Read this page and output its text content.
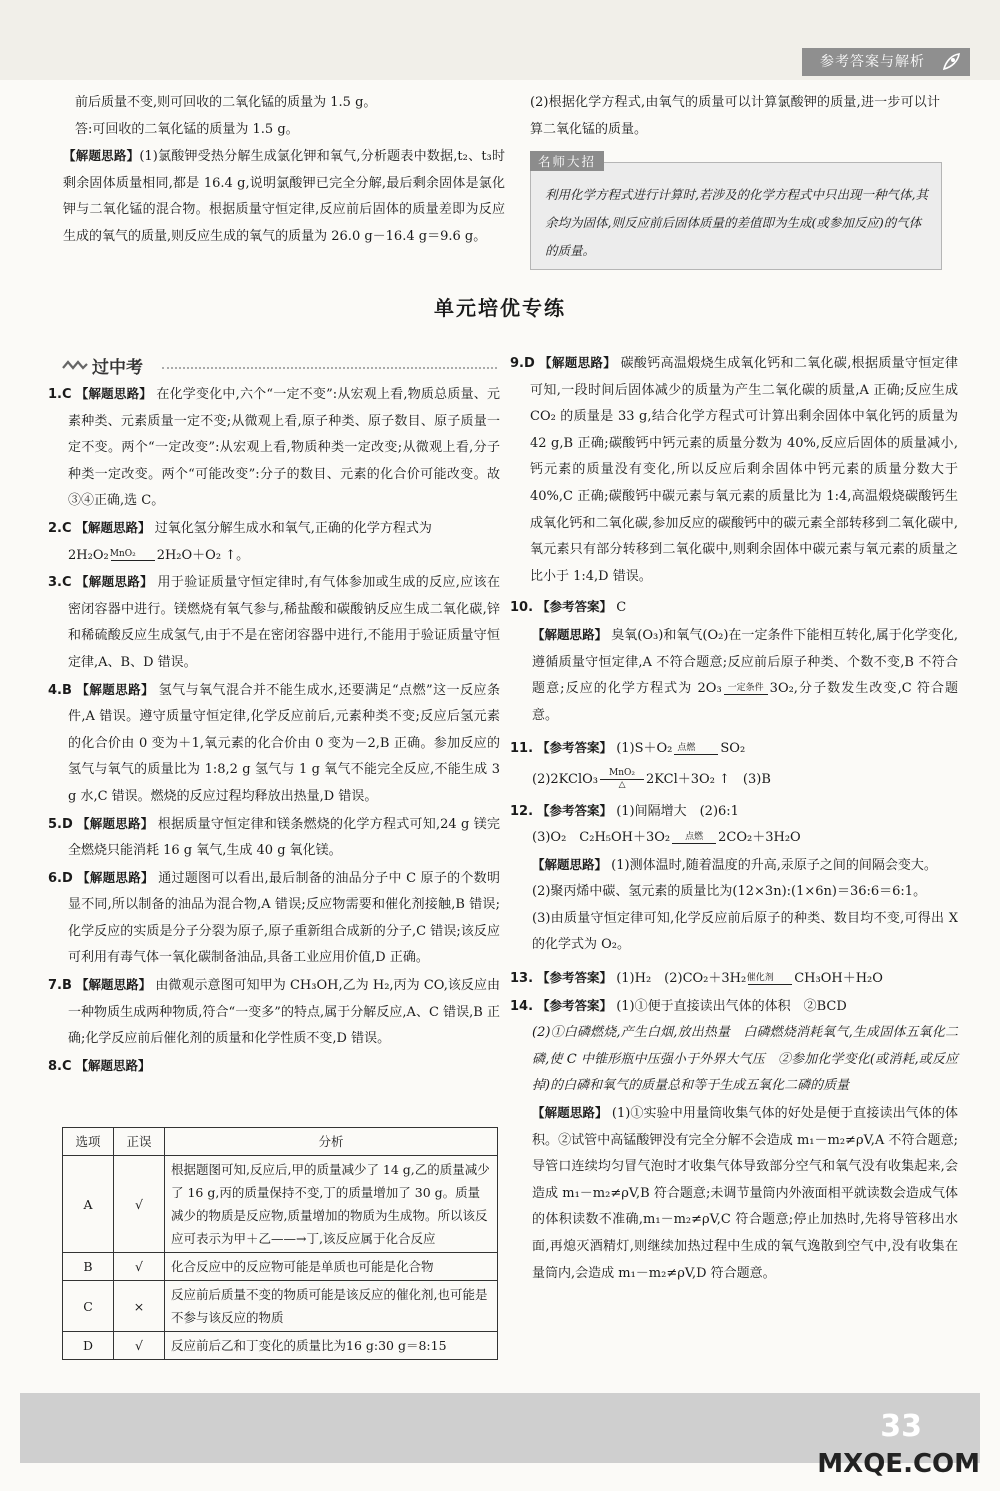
参考答案与解析

前后质量不变,则可回收的二氧化锰的质量为 1.5 g。

答:可回收的二氧化锰的质量为 1.5 g。

【解题思路】(1)氯酸钾受热分解生成氯化钾和氧气,分析题表中数据,t₂、t₃时剩余固体质量相同,都是 16.4 g,说明氯酸钾已完全分解,最后剩余固体是氯化钾与二氧化锰的混合物。根据质量守恒定律,反应前后固体的质量差即为反应生成的氧气的质量,则反应生成的氧气的质量为 26.0 g－16.4 g＝9.6 g。

(2)根据化学方程式,由氧气的质量可以计算氯酸钾的质量,进一步可以计算二氧化锰的质量。

名师大招

利用化学方程式进行计算时,若涉及的化学方程式中只出现一种气体,其余均为固体,则反应前后固体质量的差值即为生成(或参加反应)的气体的质量。

单元培优专练
过中考

1.C 【解题思路】 在化学变化中,六个“一定不变”:从宏观上看,物质总质量、元素种类、元素质量一定不变;从微观上看,原子种类、原子数目、原子质量一定不变。两个“一定改变”:从宏观上看,物质种类一定改变;从微观上看,分子种类一定改变。两个“可能改变”:分子的数目、元素的化合价可能改变。故③④正确,选 C。

2.C 【解题思路】 过氧化氢分解生成水和氧气,正确的化学方程式为
2H₂O₂ MnO₂	2H₂O＋O₂ ↑。

3.C 【解题思路】 用于验证质量守恒定律时,有气体参加或生成的反应,应该在密闭容器中进行。镁燃烧有氧气参与,稀盐酸和碳酸钠反应生成二氧化碳,锌和稀硫酸反应生成氢气,由于不是在密闭容器中进行,不能用于验证质量守恒定律,A、B、D 错误。

4.B 【解题思路】 氢气与氧气混合并不能生成水,还要满足“点燃”这一反应条件,A 错误。遵守质量守恒定律,化学反应前后,元素种类不变;反应后氢元素的化合价由 0 变为＋1,氧元素的化合价由 0 变为－2,B 正确。参加反应的氢气与氧气的质量比为 1:8,2 g 氢气与 1 g 氧气不能完全反应,不能生成 3 g 水,C 错误。燃烧的反应过程均释放出热量,D 错误。

5.D 【解题思路】 根据质量守恒定律和镁条燃烧的化学方程式可知,24 g 镁完全燃烧只能消耗 16 g 氧气,生成 40 g 氧化镁。

6.D 【解题思路】 通过题图可以看出,最后制备的油品分子中 C 原子的个数明显不同,所以制备的油品为混合物,A 错误;反应物需要和催化剂接触,B 错误;化学反应的实质是分子分裂为原子,原子重新组合成新的分子,C 错误;该反应可利用有毒气体一氧化碳制备油品,具备工业应用价值,D 正确。

7.B 【解题思路】 由微观示意图可知甲为 CH₃OH,乙为 H₂,丙为 CO,该反应由一种物质生成两种物质,符合“一变多”的特点,属于分解反应,A、C 错误,B 正确;化学反应前后催化剂的质量和化学性质不变,D 错误。

8.C 【解题思路】

选项	正误	分析
A	√	根据题图可知,反应后,甲的质量减少了 14 g,乙的质量减少了 16 g,丙的质量保持不变,丁的质量增加了 30 g。质量减少的物质是反应物,质量增加的物质为生成物。所以该反应可表示为甲＋乙——→丁,该反应属于化合反应
B	√	化合反应中的反应物可能是单质也可能是化合物
C	×	反应前后质量不变的物质可能是该反应的催化剂,也可能是不参与该反应的物质
D	√	反应前后乙和丁变化的质量比为16 g:30 g＝8:15

9.D 【解题思路】 碳酸钙高温煅烧生成氧化钙和二氧化碳,根据质量守恒定律可知,一段时间后固体减少的质量为产生二氧化碳的质量,A 正确;反应生成 CO₂ 的质量是 33 g,结合化学方程式可计算出剩余固体中氧化钙的质量为 42 g,B 正确;碳酸钙中钙元素的质量分数为 40%,反应后固体的质量减小,钙元素的质量没有变化,所以反应后剩余固体中钙元素的质量分数大于 40%,C 正确;碳酸钙中碳元素与氧元素的质量比为 1:4,高温煅烧碳酸钙生成氧化钙和二氧化碳,参加反应的碳酸钙中的碳元素全部转移到二氧化碳中,氧元素只有部分转移到二氧化碳中,则剩余固体中碳元素与氧元素的质量之比小于 1:4,D 错误。

10. 【参考答案】 C

【解题思路】 臭氧(O₃)和氧气(O₂)在一定条件下能相互转化,属于化学变化,遵循质量守恒定律,A 不符合题意;反应前后原子种类、个数不变,B 不符合题意;反应的化学方程式为 2O₃ 一定条件 3O₂,分子数发生改变,C 符合题意。

11. 【参考答案】 (1)S＋O₂ 点燃	SO₂

(2)2KClO₃ $\frac{\text{MnO₂}}{\triangle} 2KCl+3O_2$ ↑　(3)B

12. 【参考答案】 (1)间隔增大　(2)6:1

(3)O₂　C₂H₅OH＋3O₂	点燃	2CO₂＋3H₂O

【解题思路】 (1)测体温时,随着温度的升高,汞原子之间的间隔会变大。

(2)聚丙烯中碳、氢元素的质量比为(12×3n):(1×6n)＝36:6＝6:1。

(3)由质量守恒定律可知,化学反应前后原子的种类、数目均不变,可得出 X 的化学式为 O₂。

13. 【参考答案】 (1)H₂　(2)CO₂＋3H₂ 催化剂	CH₃OH＋H₂O

14. 【参考答案】 (1)①便于直接读出气体的体积　②BCD

(2)①白磷燃烧,产生白烟,放出热量　白磷燃烧消耗氧气,生成固体五氧化二磷,使 C 中锥形瓶中压强小于外界大气压　②参加化学变化(或消耗,或反应掉)的白磷和氧气的质量总和等于生成五氧化二磷的质量

【解题思路】 (1)①实验中用量筒收集气体的好处是便于直接读出气体的体积。②试管中高锰酸钾没有完全分解不会造成 m₁－m₂≠ρV,A 不符合题意;导管口连续均匀冒气泡时才收集气体导致部分空气和氧气没有收集起来,会造成 m₁－m₂≠ρV,B 符合题意;未调节量筒内外液面相平就读数会造成气体的体积读数不准确,m₁－m₂≠ρV,C 符合题意;停止加热时,先将导管移出水面,再熄灭酒精灯,则继续加热过程中生成的氧气逸散到空气中,没有收集在量筒内,会造成 m₁－m₂≠ρV,D 符合题意。

33
MXQE.COM
